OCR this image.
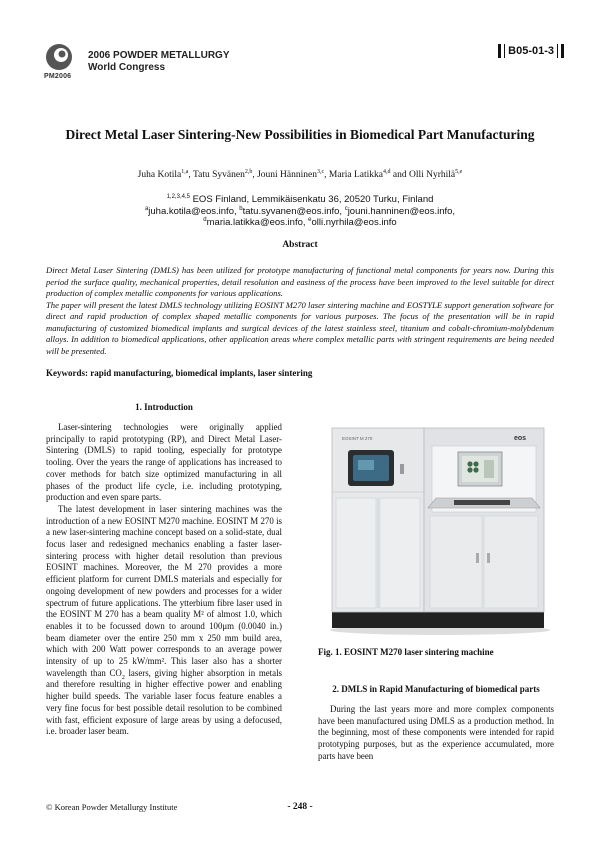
PM2006
2006 POWDER METALLURGY
World Congress
B05-01-3
Direct Metal Laser Sintering-New Possibilities in Biomedical Part Manufacturing
Juha Kotila$^{1,a}$, Tatu Syvänen$^{2,b}$, Jouni Hänninen$^{3,c}$, Maria Latikka$^{4,d}$ and Olli Nyrhilä$^{5,e}$
$^{1,2,3,4,5}$ EOS Finland, Lemmikäisenkatu 36, 20520 Turku, Finland
$^a$juha.kotila@eos.info, $^b$tatu.syvanen@eos.info, $^c$jouni.hanninen@eos.info,
$^d$maria.latikka@eos.info, $^e$olli.nyrhila@eos.info
Abstract

Direct Metal Laser Sintering (DMLS) has been utilized for prototype manufacturing of functional metal components for years now. During this period the surface quality, mechanical properties, detail resolution and easiness of the process have been improved to the level suitable for direct production of complex metallic components for various applications.

The paper will present the latest DMLS technology utilizing EOSINT M270 laser sintering machine and EOSTYLE support generation software for direct and rapid production of complex shaped metallic components for various purposes. The focus of the presentation will be in rapid manufacturing of customized biomedical implants and surgical devices of the latest stainless steel, titanium and cobalt-chromium-molybdenum alloys. In addition to biomedical applications, other application areas where complex metallic parts with stringent requirements are being needed will be presented.

Keywords: rapid manufacturing, biomedical implants, laser sintering
1. Introduction

Laser-sintering technologies were originally applied principally to rapid prototyping (RP), and Direct Metal Laser-Sintering (DMLS) to rapid tooling, especially for prototype tooling. Over the years the range of applications has increased to cover methods for batch size optimized manufacturing in all phases of the product life cycle, i.e. including prototyping, production and even spare parts.

The latest development in laser sintering machines was the introduction of a new EOSINT M270 machine. EOSINT M 270 is a new laser-sintering machine concept based on a solid-state, dual focus laser and redesigned mechanics enabling a faster laser-sintering process with higher detail resolution than previous EOSINT machines. Moreover, the M 270 provides a more efficient platform for current DMLS materials and especially for ongoing development of new powders and processes for a wider spectrum of future applications. The ytterbium fibre laser used in the EOSINT M 270 has a beam quality M² of almost 1.0, which enables it to be focussed down to around 100μm (0.0040 in.) beam diameter over the entire 250 mm x 250 mm build area, which with 200 Watt power corresponds to an average power intensity of up to 25 kW/mm². This laser also has a shorter wavelength than $CO_2$ lasers, giving higher absorption in metals and therefore resulting in higher effective power and enabling higher build speeds. The variable laser focus feature enables a very fine focus for best possible detail resolution to be combined with fast, efficient exposure of large areas by using a defocused, i.e. broader laser beam.

EOSINT M 270	eos
Fig. 1. EOSINT M270 laser sintering machine
2. DMLS in Rapid Manufacturing of biomedical parts

During the last years more and more complex components have been manufactured using DMLS as a production method. In the beginning, most of these components were intended for rapid prototyping purposes, but as the experience accumulated, more parts have been

© Korean Powder Metallurgy Institute	- 248 -
